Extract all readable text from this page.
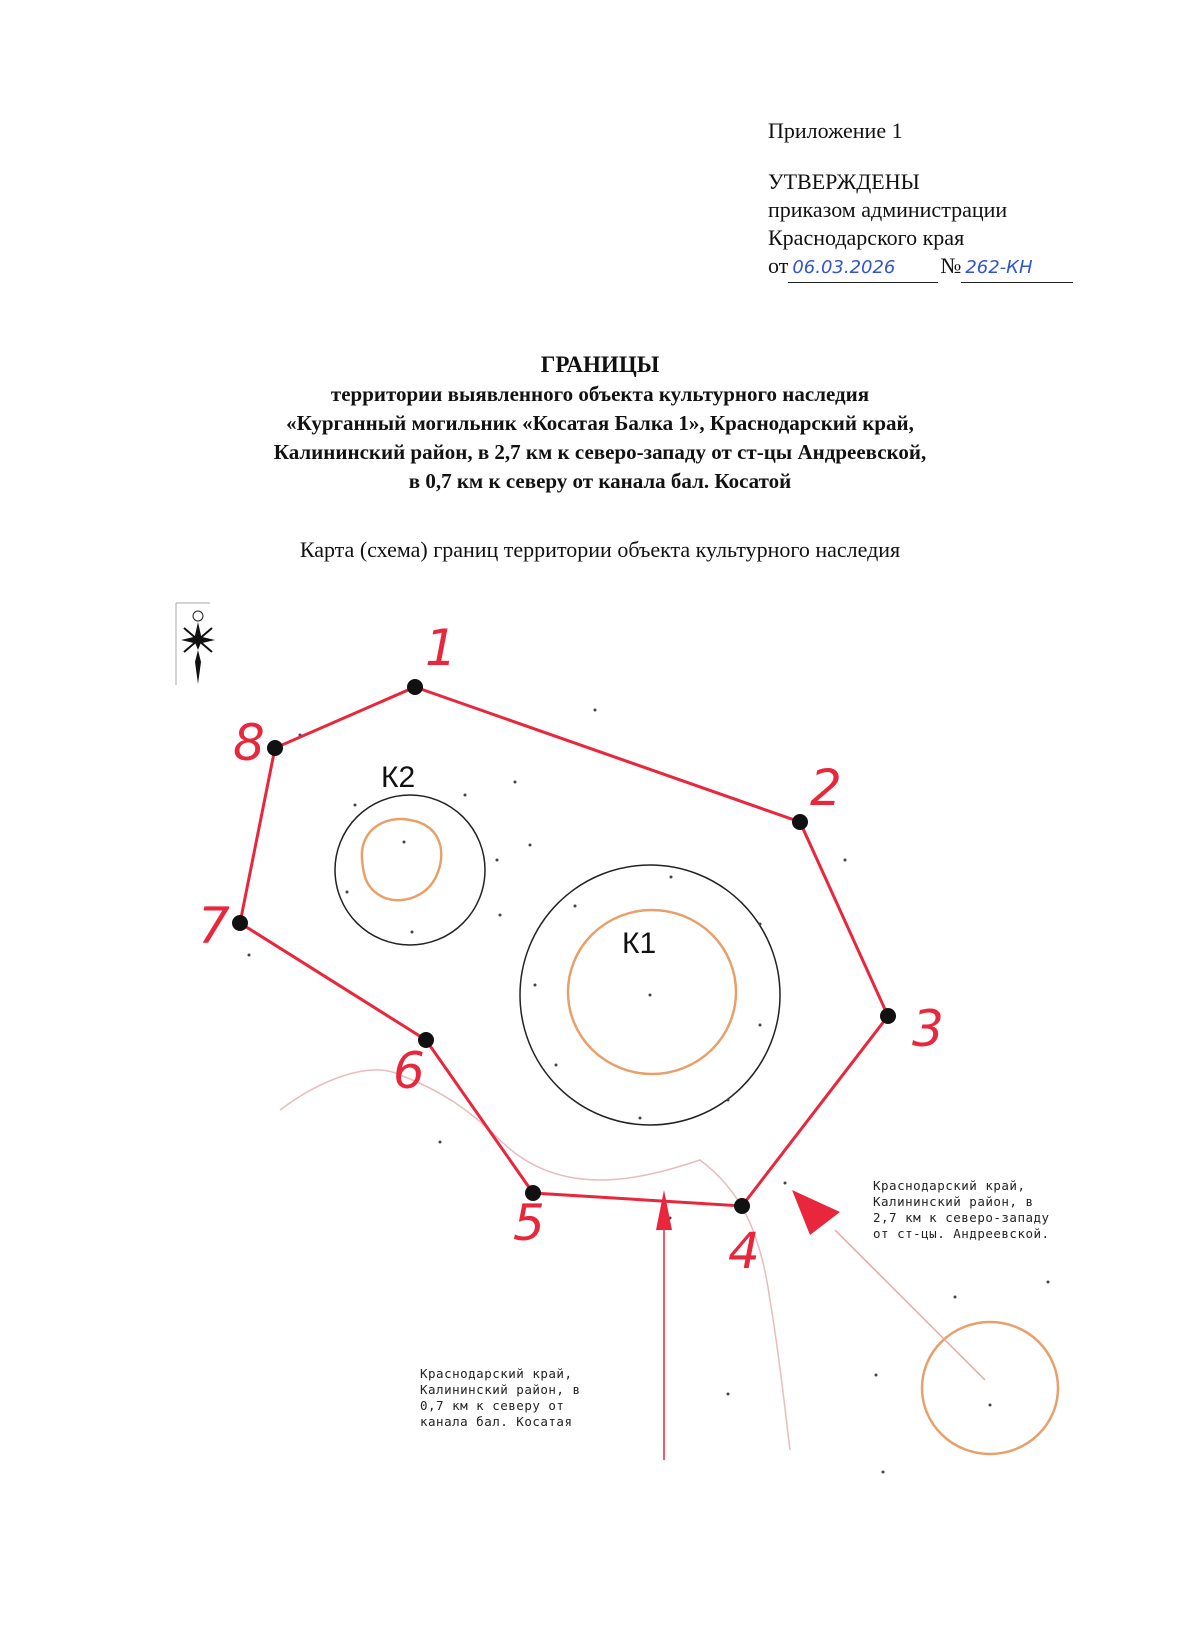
Приложение 1
УТВЕРЖДЕНЫ
приказом администрации
Краснодарского края
от 06.03.2026	№ 262-КН
ГРАНИЦЫ
территории выявленного объекта культурного наследия
«Курганный могильник «Косатая Балка 1», Краснодарский край,
Калининский район, в 2,7 км к северо-западу от ст-цы Андреевской,
в 0,7 км к северу от канала бал. Косатой
Карта (схема) границ территории объекта культурного наследия
К2
К1
1
2
3
4
5
6
7
8
Краснодарский край,
Калининский район, в
2,7 км к северо-западу
от ст-цы. Андреевской.
Краснодарский край,
Калининский район, в
0,7 км к северу от
канала бал. Косатая
